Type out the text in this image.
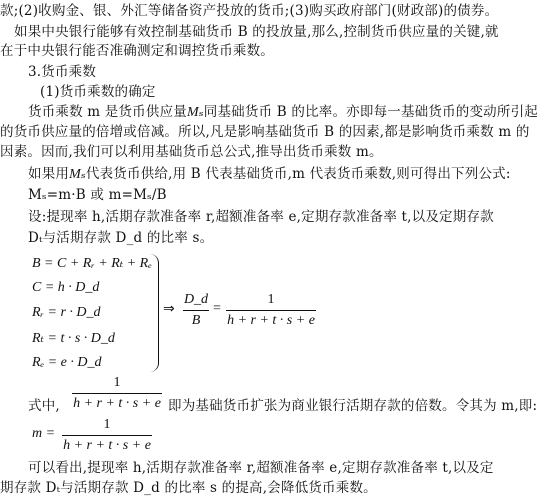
款;(2)收购金、银、外汇等储备资产投放的货币;(3)购买政府部门(财政部)的债券。
如果中央银行能够有效控制基础货币 B 的投放量,那么,控制货币供应量的关键,就
在于中央银行能否准确测定和调控货币乘数。
3.货币乘数
(1)货币乘数的确定
货币乘数 m 是货币供应量Mₛ同基础货币 B 的比率。亦即每一基础货币的变动所引起
的货币供应量的倍增或倍减。所以,凡是影响基础货币 B 的因素,都是影响货币乘数 m 的
因素。因而,我们可以利用基础货币总公式,推导出货币乘数 m。
如果用Mₛ代表货币供给,用 B 代表基础货币,m 代表货币乘数,则可得出下列公式:
Mₛ=m·B 或 m=Mₛ/B
设:提现率 h,活期存款准备率 r,超额准备率 e,定期存款准备率 t,以及定期存款
Dₜ与活期存款 D_d 的比率 s。
B = C + Rᵣ + Rₜ + Rₑ
C = h · D_d
Rᵣ = r · D_d
Rₜ = t · s · D_d
Rₑ = e · D_d
⇒
D_d
B
=
1
h + r + t · s + e
1
h + r + t · s + e
式中,	即为基础货币扩张为商业银行活期存款的倍数。令其为 m,即:
m =
1
h + r + t · s + e
可以看出,提现率 h,活期存款准备率 r,超额准备率 e,定期存款准备率 t,以及定
期存款 Dₜ与活期存款 D_d 的比率 s 的提高,会降低货币乘数。
